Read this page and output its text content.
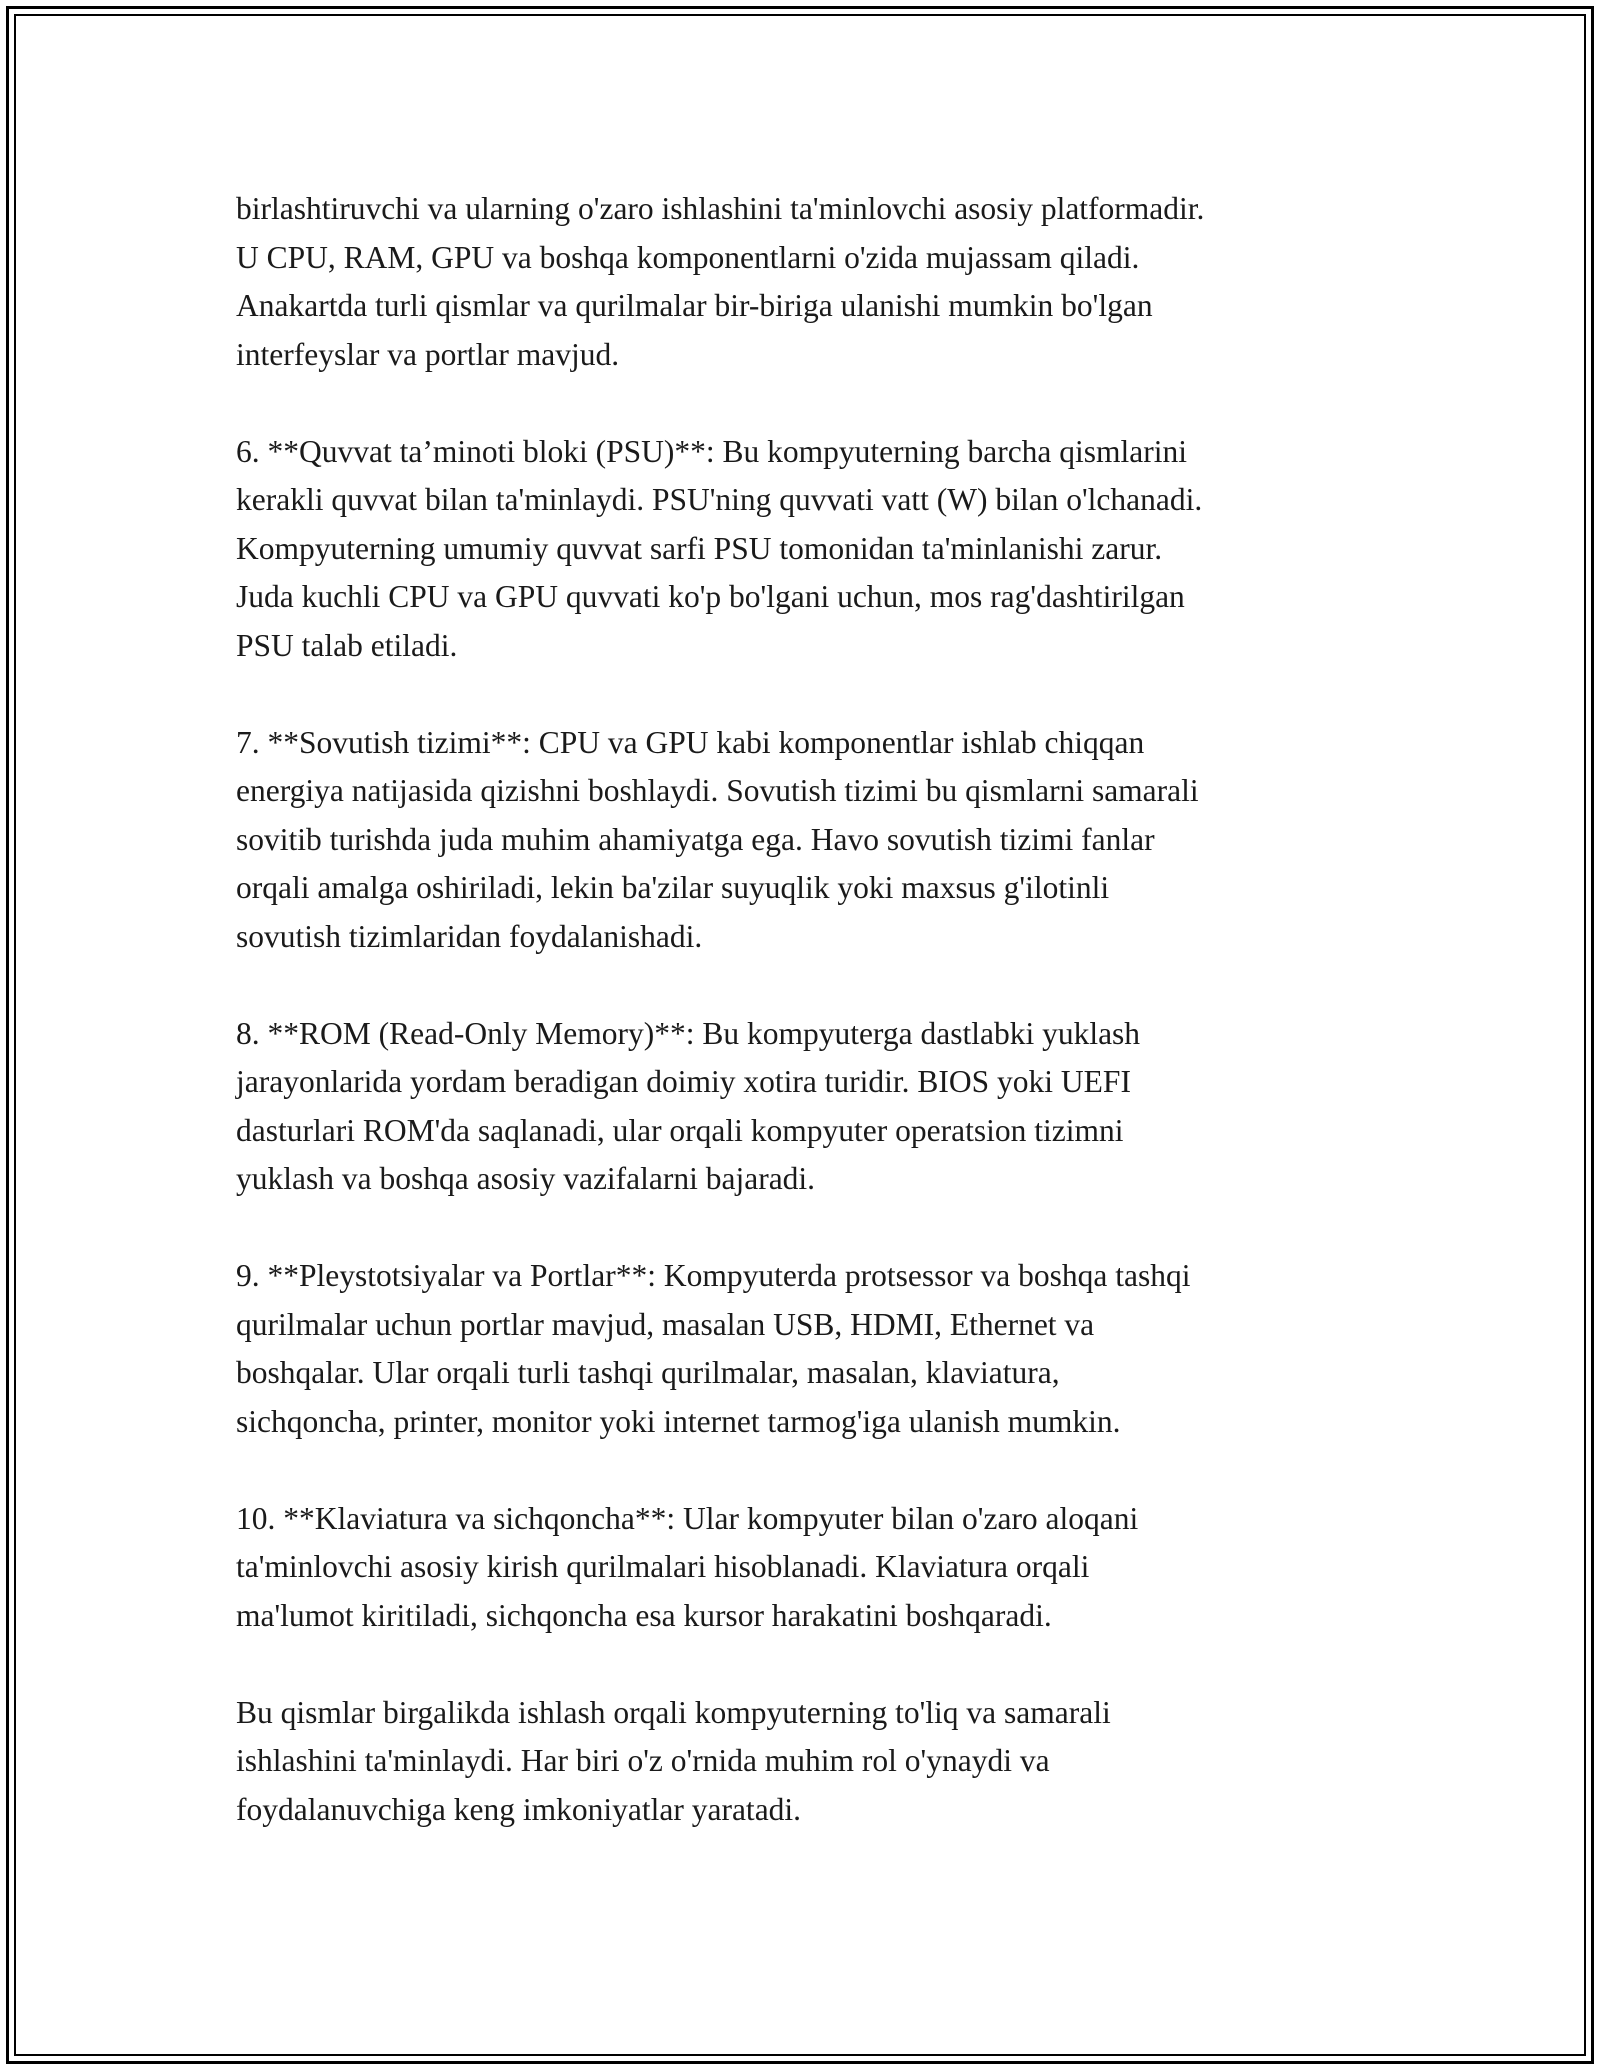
birlashtiruvchi va ularning o'zaro ishlashini ta'minlovchi asosiy platformadir.
U CPU, RAM, GPU va boshqa komponentlarni o'zida mujassam qiladi.
Anakartda turli qismlar va qurilmalar bir-biriga ulanishi mumkin bo'lgan
interfeyslar va portlar mavjud.
6. **Quvvat ta’minoti bloki (PSU)**: Bu kompyuterning barcha qismlarini
kerakli quvvat bilan ta'minlaydi. PSU'ning quvvati vatt (W) bilan o'lchanadi.
Kompyuterning umumiy quvvat sarfi PSU tomonidan ta'minlanishi zarur.
Juda kuchli CPU va GPU quvvati ko'p bo'lgani uchun, mos rag'dashtirilgan
PSU talab etiladi.
7. **Sovutish tizimi**: CPU va GPU kabi komponentlar ishlab chiqqan
energiya natijasida qizishni boshlaydi. Sovutish tizimi bu qismlarni samarali
sovitib turishda juda muhim ahamiyatga ega. Havo sovutish tizimi fanlar
orqali amalga oshiriladi, lekin ba'zilar suyuqlik yoki maxsus g'ilotinli
sovutish tizimlaridan foydalanishadi.
8. **ROM (Read-Only Memory)**: Bu kompyuterga dastlabki yuklash
jarayonlarida yordam beradigan doimiy xotira turidir. BIOS yoki UEFI
dasturlari ROM'da saqlanadi, ular orqali kompyuter operatsion tizimni
yuklash va boshqa asosiy vazifalarni bajaradi.
9. **Pleystotsiyalar va Portlar**: Kompyuterda protsessor va boshqa tashqi
qurilmalar uchun portlar mavjud, masalan USB, HDMI, Ethernet va
boshqalar. Ular orqali turli tashqi qurilmalar, masalan, klaviatura,
sichqoncha, printer, monitor yoki internet tarmog'iga ulanish mumkin.
10. **Klaviatura va sichqoncha**: Ular kompyuter bilan o'zaro aloqani
ta'minlovchi asosiy kirish qurilmalari hisoblanadi. Klaviatura orqali
ma'lumot kiritiladi, sichqoncha esa kursor harakatini boshqaradi.
Bu qismlar birgalikda ishlash orqali kompyuterning to'liq va samarali
ishlashini ta'minlaydi. Har biri o'z o'rnida muhim rol o'ynaydi va
foydalanuvchiga keng imkoniyatlar yaratadi.
